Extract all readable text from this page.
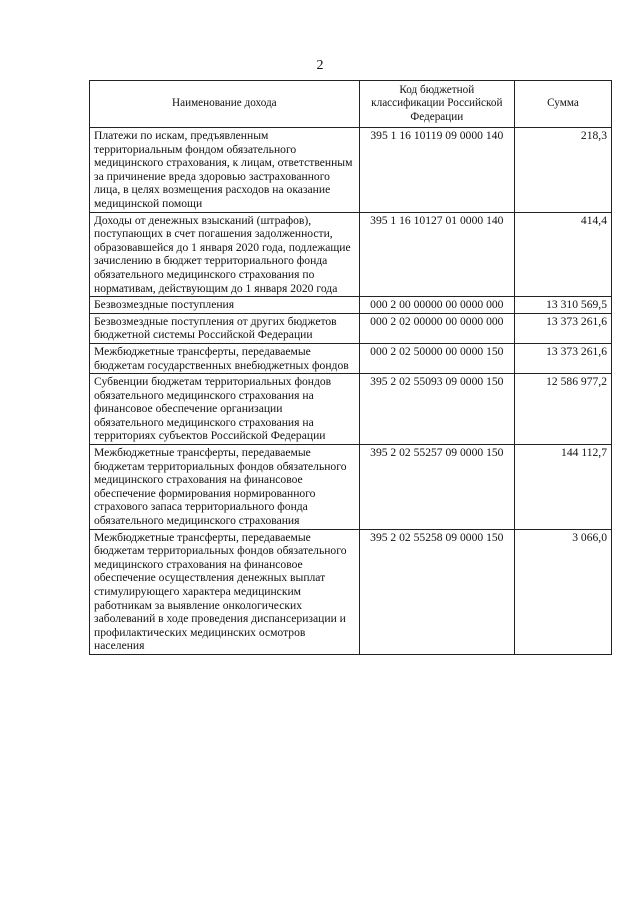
2
Наименование дохода	Код бюджетной классификации Российской Федерации	Сумма
Платежи по искам, предъявленным территориальным фондом обязательного медицинского страхования, к лицам, ответственным за причинение вреда здоровью застрахованного лица, в целях возмещения расходов на оказание медицинской помощи	395 1 16 10119 09 0000 140	218,3
Доходы от денежных взысканий (штрафов), поступающих в счет погашения задолженности, образовавшейся до 1 января 2020 года, подлежащие зачислению в бюджет территориального фонда обязательного медицинского страхования по нормативам, действующим до 1 января 2020 года	395 1 16 10127 01 0000 140	414,4
Безвозмездные поступления	000 2 00 00000 00 0000 000	13 310 569,5
Безвозмездные поступления от других бюджетов бюджетной системы Российской Федерации	000 2 02 00000 00 0000 000	13 373 261,6
Межбюджетные трансферты, передаваемые бюджетам государственных внебюджетных фондов	000 2 02 50000 00 0000 150	13 373 261,6
Субвенции бюджетам территориальных фондов обязательного медицинского страхования на финансовое обеспечение организации обязательного медицинского страхования на территориях субъектов Российской Федерации	395 2 02 55093 09 0000 150	12 586 977,2
Межбюджетные трансферты, передаваемые бюджетам территориальных фондов обязательного медицинского страхования на финансовое обеспечение формирования нормированного страхового запаса территориального фонда обязательного медицинского страхования	395 2 02 55257 09 0000 150	144 112,7
Межбюджетные трансферты, передаваемые бюджетам территориальных фондов обязательного медицинского страхования на финансовое обеспечение осуществления денежных выплат стимулирующего характера медицинским работникам за выявление онкологических заболеваний в ходе проведения диспансеризации и профилактических медицинских осмотров населения	395 2 02 55258 09 0000 150	3 066,0
